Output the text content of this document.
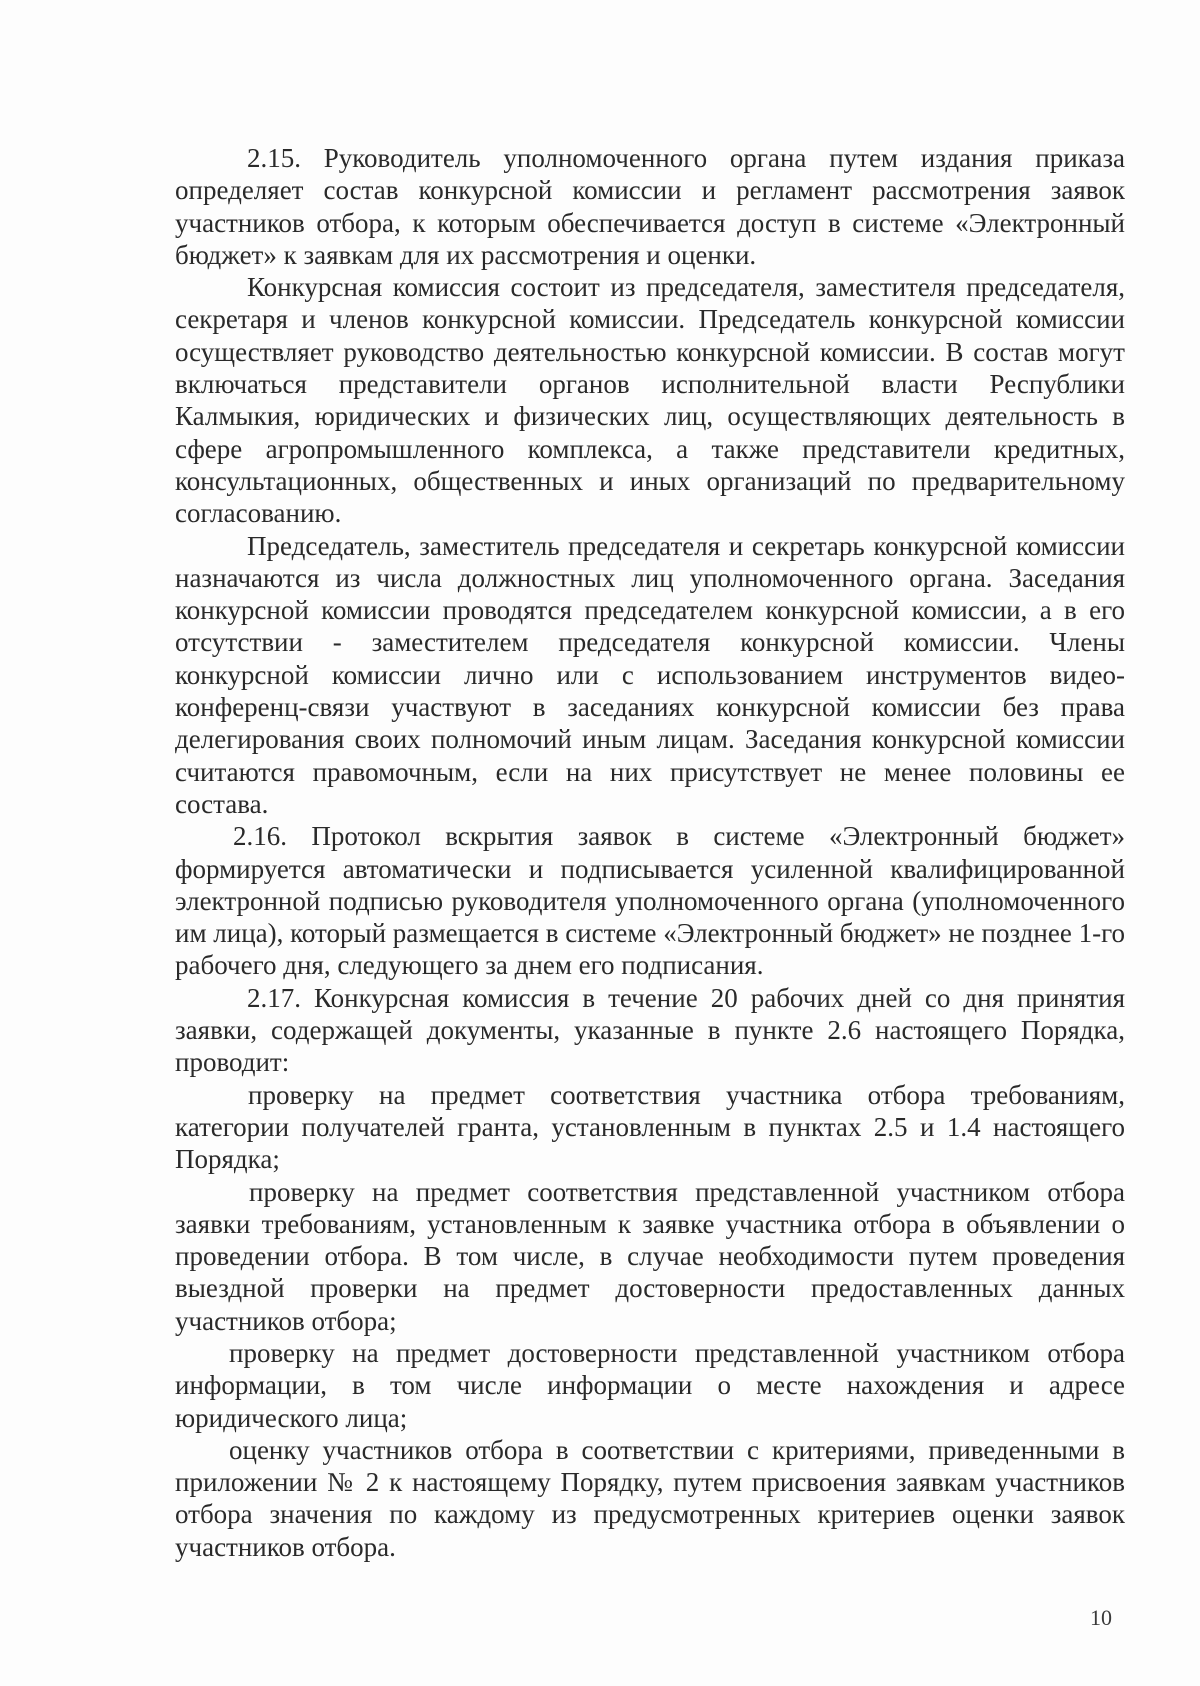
2.15. Руководитель уполномоченного органа путем издания приказа определяет состав конкурсной комиссии и регламент рассмотрения заявок участников отбора, к которым обеспечивается доступ в системе «Электронный бюджет» к заявкам для их рассмотрения и оценки.

Конкурсная комиссия состоит из председателя, заместителя председателя, секретаря и членов конкурсной комиссии. Председатель конкурсной комиссии осуществляет руководство деятельностью конкурсной комиссии. В состав могут включаться представители органов исполнительной власти Республики Калмыкия, юридических и физических лиц, осуществляющих деятельность в сфере агропромышленного комплекса, а также представители кредитных, консультационных, общественных и иных организаций по предварительному согласованию.

Председатель, заместитель председателя и секретарь конкурсной комиссии назначаются из числа должностных лиц уполномоченного органа. Заседания конкурсной комиссии проводятся председателем конкурсной комиссии, а в его отсутствии - заместителем председателя конкурсной комиссии. Члены конкурсной комиссии лично или с использованием инструментов видео-конференц-связи участвуют в заседаниях конкурсной комиссии без права делегирования своих полномочий иным лицам. Заседания конкурсной комиссии считаются правомочным, если на них присутствует не менее половины ее состава.

2.16. Протокол вскрытия заявок в системе «Электронный бюджет» формируется автоматически и подписывается усиленной квалифицированной электронной подписью руководителя уполномоченного органа (уполномоченного им лица), который размещается в системе «Электронный бюджет» не позднее 1-го рабочего дня, следующего за днем его подписания.

2.17. Конкурсная комиссия в течение 20 рабочих дней со дня принятия заявки, содержащей документы, указанные в пункте 2.6 настоящего Порядка, проводит:

проверку на предмет соответствия участника отбора требованиям, категории получателей гранта, установленным в пунктах 2.5 и 1.4 настоящего Порядка;

проверку на предмет соответствия представленной участником отбора заявки требованиям, установленным к заявке участника отбора в объявлении о проведении отбора. В том числе, в случае необходимости путем проведения выездной проверки на предмет достоверности предоставленных данных участников отбора;

проверку на предмет достоверности представленной участником отбора информации, в том числе информации о месте нахождения и адресе юридического лица;

оценку участников отбора в соответствии с критериями, приведенными в приложении № 2 к настоящему Порядку, путем присвоения заявкам участников отбора значения по каждому из предусмотренных критериев оценки заявок участников отбора.

10
